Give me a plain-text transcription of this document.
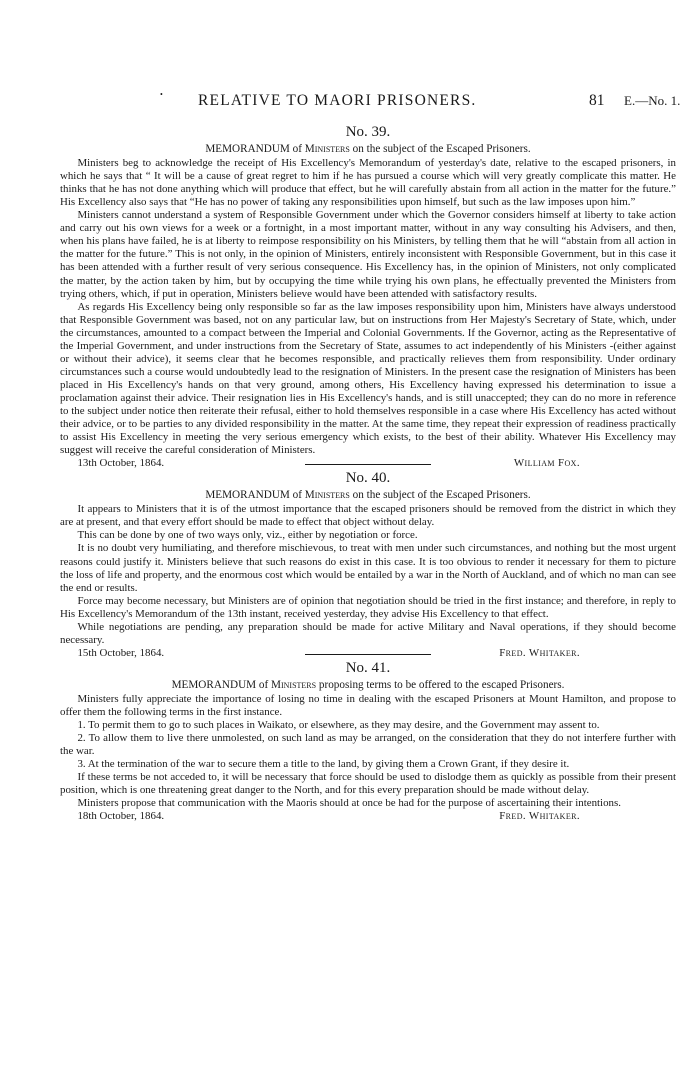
• RELATIVE TO MAORI PRISONERS.	81 E.—No. 1.
No. 39.
MEMORANDUM of Ministers on the subject of the Escaped Prisoners.

Ministers beg to acknowledge the receipt of His Excellency's Memorandum of yesterday's date, relative to the escaped prisoners, in which he says that “ It will be a cause of great regret to him if he has pursued a course which will very greatly complicate this matter. He thinks that he has not done anything which will produce that effect, but he will carefully abstain from all action in the matter for the future.” His Excellency also says that “He has no power of taking any responsibilities upon himself, but such as the law imposes upon him.”

Ministers cannot understand a system of Responsible Government under which the Governor considers himself at liberty to take action and carry out his own views for a week or a fortnight, in a most important matter, without in any way consulting his Advisers, and then, when his plans have failed, he is at liberty to reimpose responsibility on his Ministers, by telling them that he will “abstain from all action in the matter for the future.” This is not only, in the opinion of Ministers, entirely inconsistent with Responsible Government, but in this case it has been attended with a further result of very serious consequence. His Excellency has, in the opinion of Ministers, not only complicated the matter, by the action taken by him, but by occupying the time while trying his own plans, he effectually prevented the Ministers from trying others, which, if put in operation, Ministers believe would have been attended with satisfactory results.

As regards His Excellency being only responsible so far as the law imposes responsibility upon him, Ministers have always understood that Responsible Government was based, not on any particular law, but on instructions from Her Majesty's Secretary of State, which, under the circumstances, amounted to a compact between the Imperial and Colonial Governments. If the Governor, acting as the Representative of the Imperial Government, and under instructions from the Secretary of State, assumes to act independently of his Ministers -(either against or without their advice), it seems clear that he becomes responsible, and practically relieves them from responsibility. Under ordinary circumstances such a course would undoubtedly lead to the resignation of Ministers. In the present case the resignation of Ministers has been placed in His Excellency's hands on that very ground, among others, His Excellency having expressed his determination to issue a proclamation against their advice. Their resignation lies in His Excellency's hands, and is still unaccepted; they can do no more in reference to the subject under notice then reiterate their refusal, either to hold themselves responsible in a case where His Excellency has acted without their advice, or to be parties to any divided responsibility in the matter. At the same time, they repeat their expression of readiness practically to assist His Excellency in meeting the very serious emergency which exists, to the best of their ability. Whatever His Excellency may suggest will receive the careful consideration of Ministers.

13th October, 1864.	William Fox.
No. 40.
MEMORANDUM of Ministers on the subject of the Escaped Prisoners.

It appears to Ministers that it is of the utmost importance that the escaped prisoners should be removed from the district in which they are at present, and that every effort should be made to effect that object without delay.

This can be done by one of two ways only, viz., either by negotiation or force.

It is no doubt very humiliating, and therefore mischievous, to treat with men under such circumstances, and nothing but the most urgent reasons could justify it. Ministers believe that such reasons do exist in this case. It is too obvious to render it necessary for them to picture the loss of life and property, and the enormous cost which would be entailed by a war in the North of Auckland, and of which no man can see the end or results.

Force may become necessary, but Ministers are of opinion that negotiation should be tried in the first instance; and therefore, in reply to His Excellency's Memorandum of the 13th instant, received yesterday, they advise His Excellency to that effect.

While negotiations are pending, any preparation should be made for active Military and Naval operations, if they should become necessary.

15th October, 1864.	Fred. Whitaker.
No. 41.
MEMORANDUM of Ministers proposing terms to be offered to the escaped Prisoners.

Ministers fully appreciate the importance of losing no time in dealing with the escaped Prisoners at Mount Hamilton, and propose to offer them the following terms in the first instance.

1. To permit them to go to such places in Waikato, or elsewhere, as they may desire, and the Government may assent to.

2. To allow them to live there unmolested, on such land as may be arranged, on the consideration that they do not interfere further with the war.

3. At the termination of the war to secure them a title to the land, by giving them a Crown Grant, if they desire it.

If these terms be not acceded to, it will be necessary that force should be used to dislodge them as quickly as possible from their present position, which is one threatening great danger to the North, and for this every preparation should be made without delay.

Ministers propose that communication with the Maoris should at once be had for the purpose of ascertaining their intentions.

18th October, 1864.	Fred. Whitaker.
